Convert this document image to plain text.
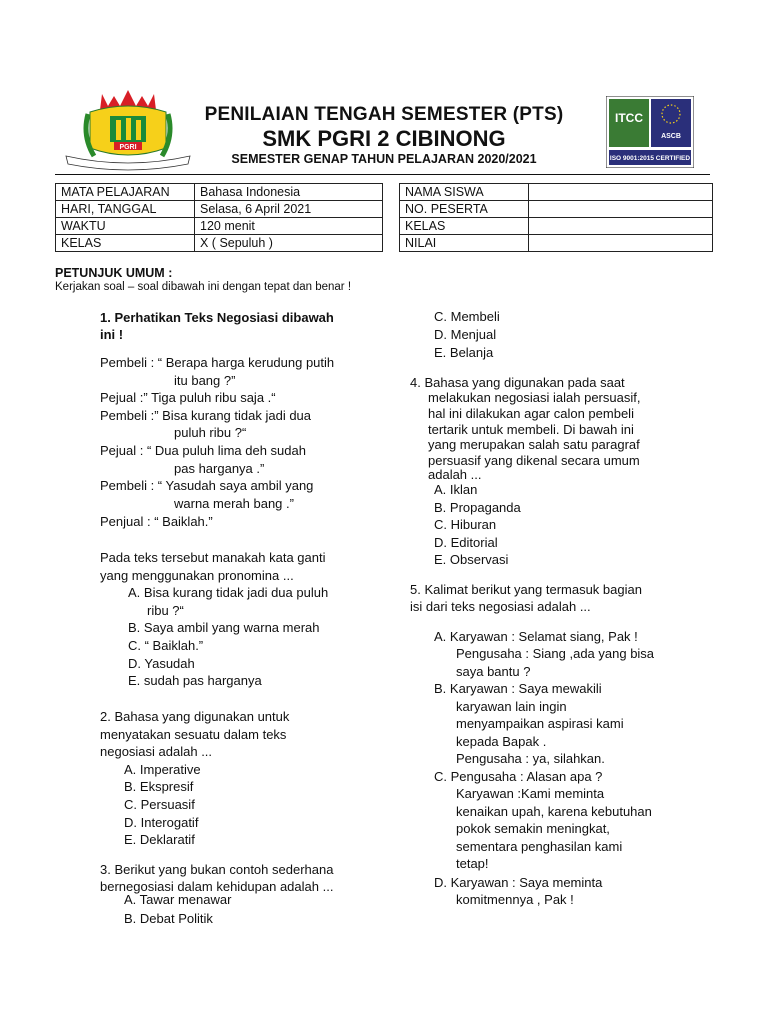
PGRI
PENILAIAN TENGAH SEMESTER (PTS)
SMK PGRI 2 CIBINONG
SEMESTER GENAP TAHUN PELAJARAN 2020/2021
ITCC
ASCB
ISO 9001:2015 CERTIFIED
MATA PELAJARAN	Bahasa Indonesia
HARI, TANGGAL	Selasa, 6 April 2021
WAKTU	120 menit
KELAS	X ( Sepuluh )
NAMA SISWA	
NO. PESERTA	
KELAS	
NILAI	
PETUNJUK UMUM :
Kerjakan soal – soal dibawah ini dengan tepat dan benar !
1. Perhatikan Teks Negosiasi dibawah
ini !
Pembeli : “ Berapa harga kerudung putih
itu bang ?”
Pejual :” Tiga puluh ribu saja .“
Pembeli :” Bisa kurang tidak jadi dua
puluh ribu ?“
Pejual : “ Dua puluh lima deh sudah
pas harganya .”
Pembeli : “ Yasudah saya ambil yang
warna merah bang .”
Penjual : “ Baiklah.”
Pada teks tersebut manakah kata ganti
yang menggunakan pronomina ...
A. Bisa kurang tidak jadi dua puluh
ribu ?“
B. Saya ambil yang warna merah
C. “ Baiklah.”
D. Yasudah
E. sudah pas harganya
2. Bahasa yang digunakan untuk
menyatakan sesuatu dalam teks
negosiasi adalah ...
A. Imperative
B. Ekspresif
C. Persuasif
D. Interogatif
E. Deklaratif
3. Berikut yang bukan contoh sederhana
bernegosiasi dalam kehidupan adalah ...
A. Tawar menawar
B. Debat Politik
C. Membeli
D. Menjual
E. Belanja
4. Bahasa yang digunakan pada saat
melakukan negosiasi ialah persuasif,
hal ini dilakukan agar calon pembeli
tertarik untuk membeli. Di bawah ini
yang merupakan salah satu paragraf
persuasif yang dikenal secara umum
adalah ...
A. Iklan
B. Propaganda
C. Hiburan
D. Editorial
E. Observasi
5. Kalimat berikut yang termasuk bagian
isi dari teks negosiasi adalah ...
A. Karyawan : Selamat siang, Pak !
Pengusaha : Siang ,ada yang bisa
saya bantu ?
B. Karyawan : Saya mewakili
karyawan lain ingin
menyampaikan aspirasi kami
kepada Bapak .
Pengusaha : ya, silahkan.
C. Pengusaha : Alasan apa ?
Karyawan :Kami meminta
kenaikan upah, karena kebutuhan
pokok semakin meningkat,
sementara penghasilan kami
tetap!
D. Karyawan : Saya meminta
komitmennya , Pak !
